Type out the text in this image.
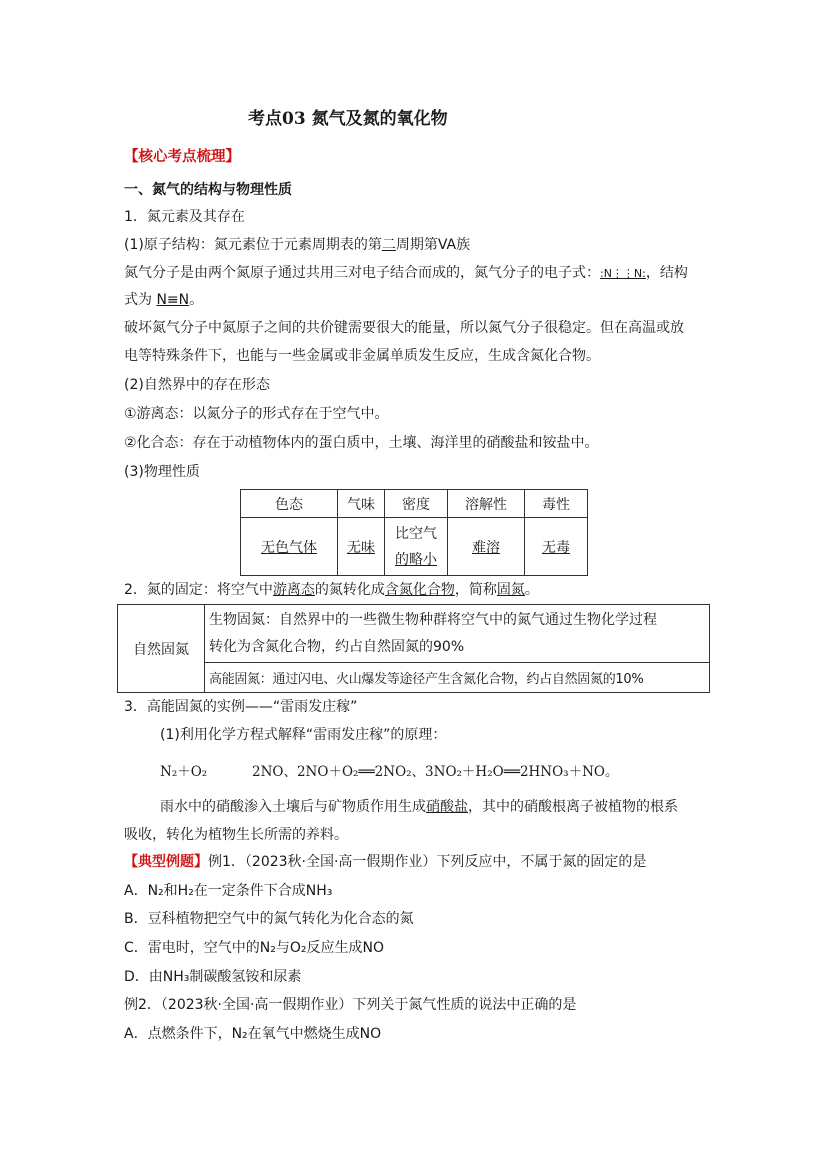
考点03 氮气及氮的氧化物
【核心考点梳理】
一、氮气的结构与物理性质
1．氮元素及其存在
(1)原子结构：氮元素位于元素周期表的第二周期第VA族
氮气分子是由两个氮原子通过共用三对电子结合而成的，氮气分子的电子式：:N⋮⋮N:，结构
式为 N≡N。
破坏氮气分子中氮原子之间的共价键需要很大的能量，所以氮气分子很稳定。但在高温或放
电等特殊条件下，也能与一些金属或非金属单质发生反应，生成含氮化合物。
(2)自然界中的存在形态
①游离态：以氮分子的形式存在于空气中。
②化合态：存在于动植物体内的蛋白质中，土壤、海洋里的硝酸盐和铵盐中。
(3)物理性质
色态	气味	密度	溶解性	毒性
无色气体	无味	比空气
的略小	难溶	无毒
2．氮的固定：将空气中游离态的氮转化成含氮化合物，简称固氮。
自然固氮	
生物固氮：自然界中的一些微生物种群将空气中的氮气通过生物化学过程
转化为含氮化合物，约占自然固氮的90%

高能固氮：通过闪电、火山爆发等途径产生含氮化合物，约占自然固氮的10%
3．高能固氮的实例——“雷雨发庄稼”
(1)利用化学方程式解释“雷雨发庄稼”的原理：
N₂＋O₂	2NO、2NO＋O₂══2NO₂、3NO₂＋H₂O══2HNO₃＋NO。
雨水中的硝酸渗入土壤后与矿物质作用生成硝酸盐，其中的硝酸根离子被植物的根系
吸收，转化为植物生长所需的养料。
【典型例题】例1．（2023秋·全国·高一假期作业）下列反应中，不属于氮的固定的是
A．N₂和H₂在一定条件下合成NH₃
B．豆科植物把空气中的氮气转化为化合态的氮
C．雷电时，空气中的N₂与O₂反应生成NO
D．由NH₃制碳酸氢铵和尿素
例2．（2023秋·全国·高一假期作业）下列关于氮气性质的说法中正确的是
A．点燃条件下，N₂在氧气中燃烧生成NO
